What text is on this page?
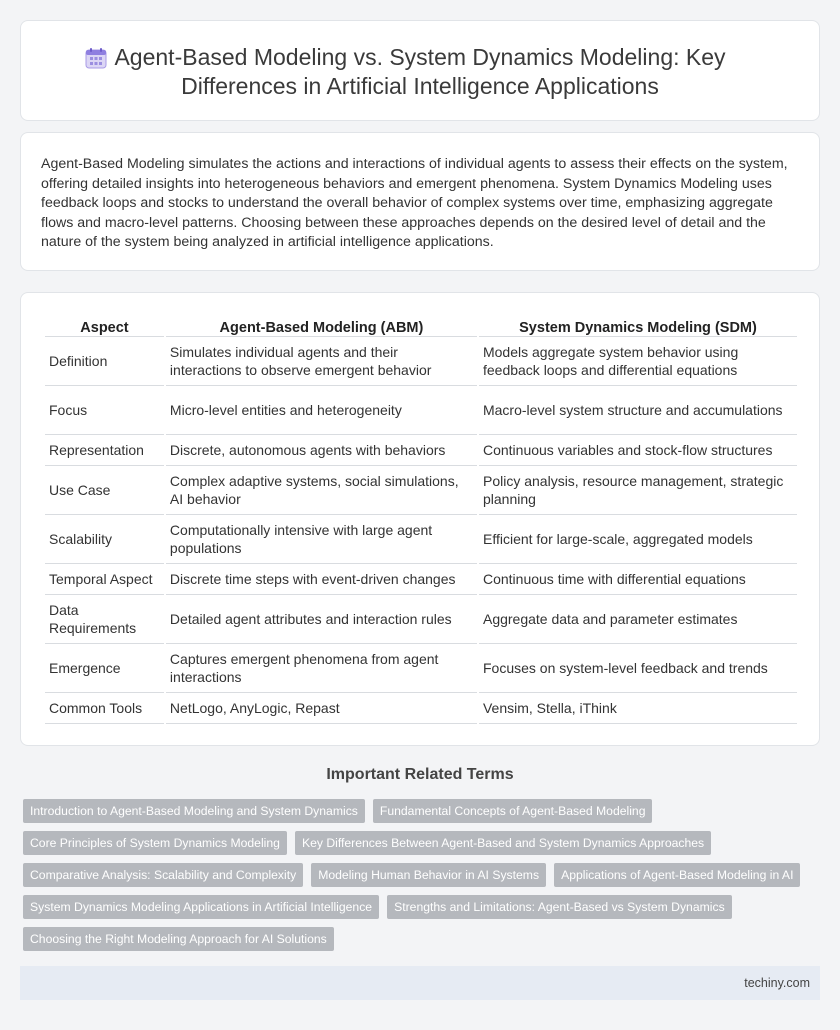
Agent-Based Modeling vs. System Dynamics Modeling: Key Differences in Artificial Intelligence Applications

Agent-Based Modeling simulates the actions and interactions of individual agents to assess their effects on the system, offering detailed insights into heterogeneous behaviors and emergent phenomena. System Dynamics Modeling uses feedback loops and stocks to understand the overall behavior of complex systems over time, emphasizing aggregate flows and macro-level patterns. Choosing between these approaches depends on the desired level of detail and the nature of the system being analyzed in artificial intelligence applications.

Aspect	Agent-Based Modeling (ABM)	System Dynamics Modeling (SDM)
Definition	Simulates individual agents and their interactions to observe emergent behavior	Models aggregate system behavior using feedback loops and differential equations
Focus	Micro-level entities and heterogeneity	Macro-level system structure and accumulations
Representation	Discrete, autonomous agents with behaviors	Continuous variables and stock-flow structures
Use Case	Complex adaptive systems, social simulations, AI behavior	Policy analysis, resource management, strategic planning
Scalability	Computationally intensive with large agent populations	Efficient for large-scale, aggregated models
Temporal Aspect	Discrete time steps with event-driven changes	Continuous time with differential equations
Data Requirements	Detailed agent attributes and interaction rules	Aggregate data and parameter estimates
Emergence	Captures emergent phenomena from agent interactions	Focuses on system-level feedback and trends
Common Tools	NetLogo, AnyLogic, Repast	Vensim, Stella, iThink
Important Related Terms
Introduction to Agent-Based Modeling and System Dynamics	Fundamental Concepts of Agent-Based Modeling
Core Principles of System Dynamics Modeling	Key Differences Between Agent-Based and System Dynamics Approaches
Comparative Analysis: Scalability and Complexity	Modeling Human Behavior in AI Systems	Applications of Agent-Based Modeling in AI
System Dynamics Modeling Applications in Artificial Intelligence	Strengths and Limitations: Agent-Based vs System Dynamics
Choosing the Right Modeling Approach for AI Solutions
techiny.com
